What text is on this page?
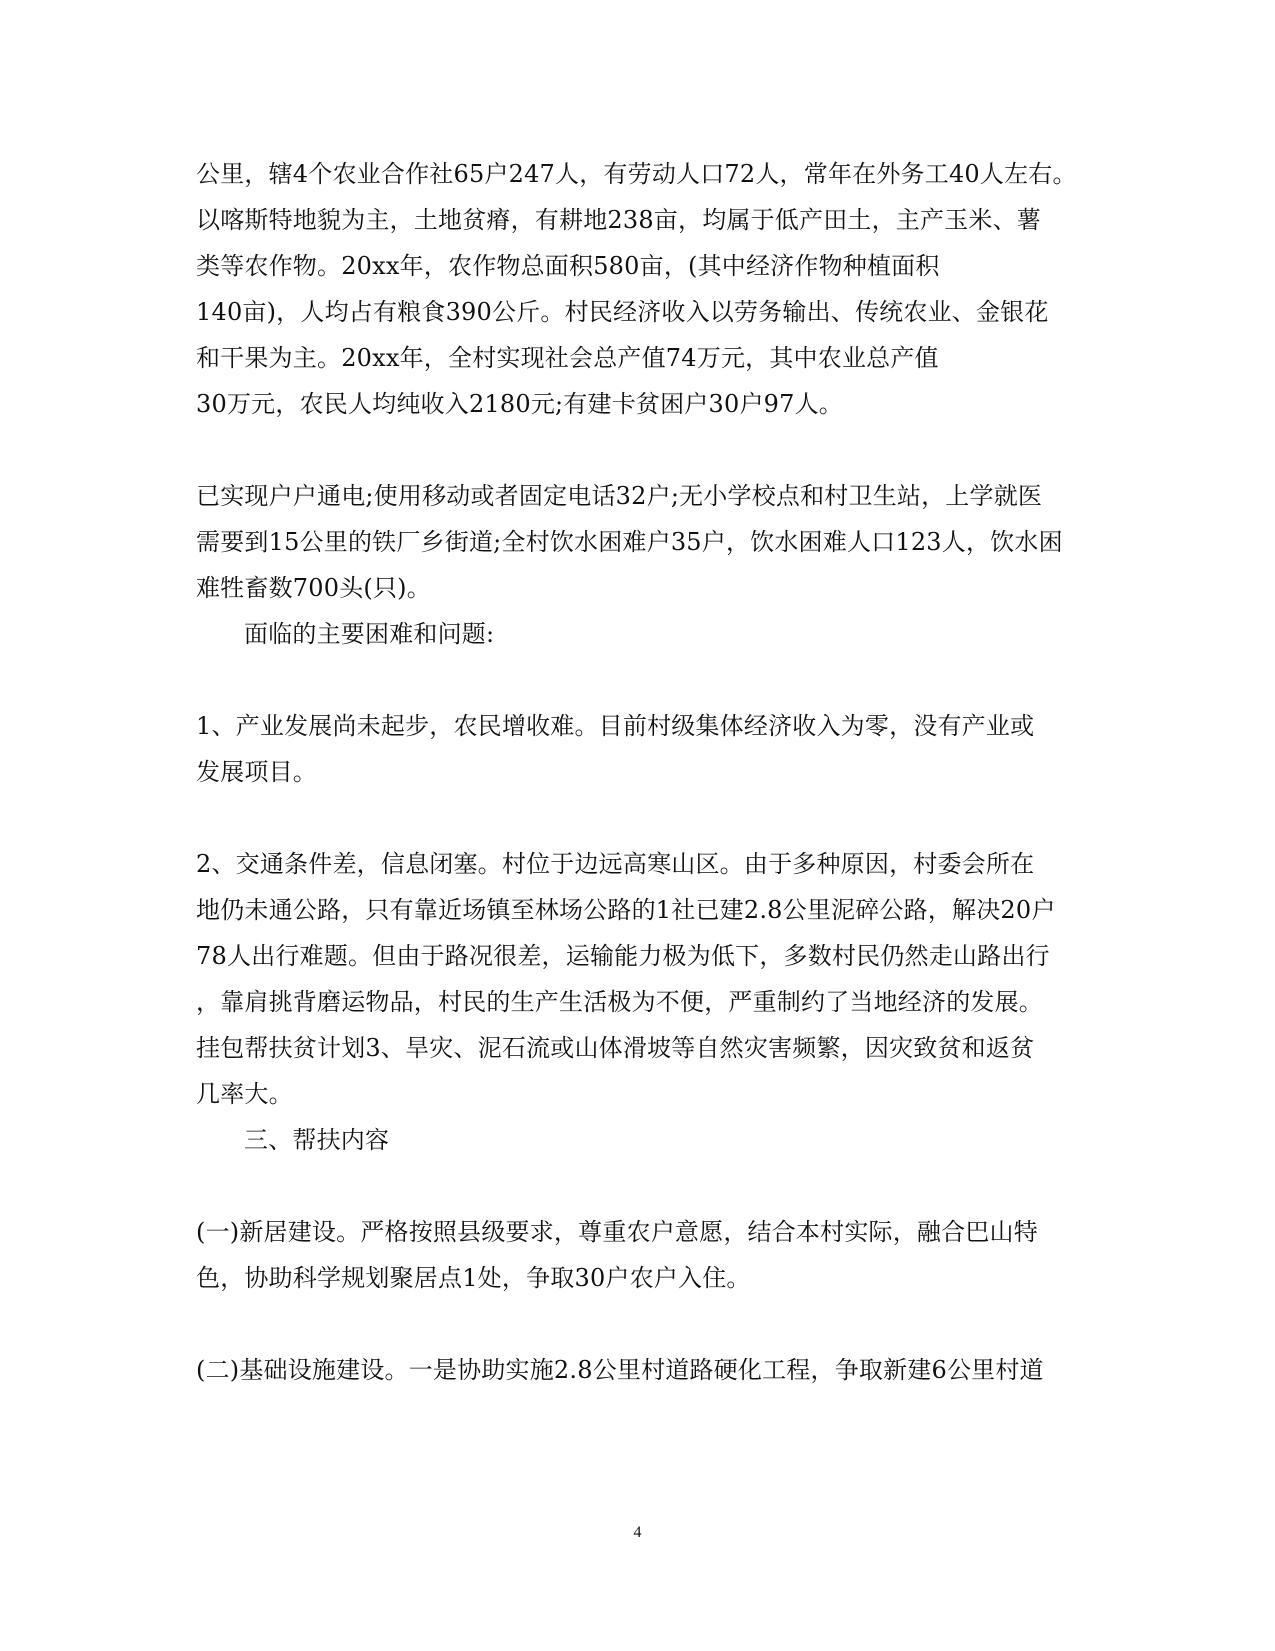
公里，辖4个农业合作社65户247人，有劳动人口72人，常年在外务工40人左右。

以喀斯特地貌为主，土地贫瘠，有耕地238亩，均属于低产田土，主产玉米、薯

类等农作物。20xx年，农作物总面积580亩，(其中经济作物种植面积

140亩)，人均占有粮食390公斤。村民经济收入以劳务输出、传统农业、金银花

和干果为主。20xx年，全村实现社会总产值74万元，其中农业总产值

30万元，农民人均纯收入2180元;有建卡贫困户30户97人。

已实现户户通电;使用移动或者固定电话32户;无小学校点和村卫生站，上学就医

需要到15公里的铁厂乡街道;全村饮水困难户35户，饮水困难人口123人，饮水困

难牲畜数700头(只)。

面临的主要困难和问题:

1、产业发展尚未起步，农民增收难。目前村级集体经济收入为零，没有产业或

发展项目。

2、交通条件差，信息闭塞。村位于边远高寒山区。由于多种原因，村委会所在

地仍未通公路，只有靠近场镇至林场公路的1社已建2.8公里泥碎公路，解决20户

78人出行难题。但由于路况很差，运输能力极为低下，多数村民仍然走山路出行

，靠肩挑背磨运物品，村民的生产生活极为不便，严重制约了当地经济的发展。

挂包帮扶贫计划3、旱灾、泥石流或山体滑坡等自然灾害频繁，因灾致贫和返贫

几率大。

三、帮扶内容

(一)新居建设。严格按照县级要求，尊重农户意愿，结合本村实际，融合巴山特

色，协助科学规划聚居点1处，争取30户农户入住。

(二)基础设施建设。一是协助实施2.8公里村道路硬化工程，争取新建6公里村道

4
